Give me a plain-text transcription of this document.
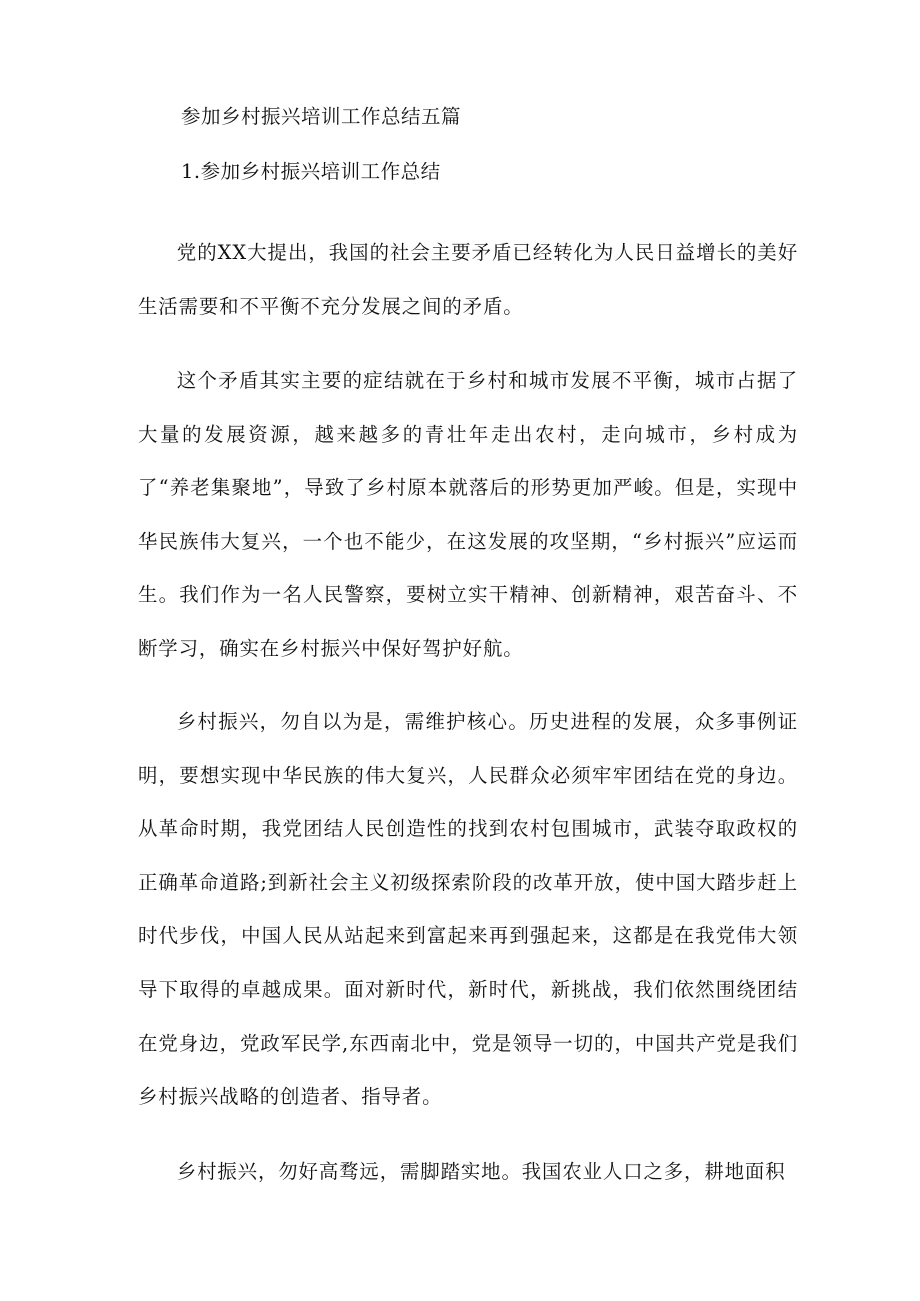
参加乡村振兴培训工作总结五篇
1.参加乡村振兴培训工作总结

党的XX大提出，我国的社会主要矛盾已经转化为人民日益增长的美好生活需要和不平衡不充分发展之间的矛盾。

这个矛盾其实主要的症结就在于乡村和城市发展不平衡，城市占据了大量的发展资源，越来越多的青壮年走出农村，走向城市，乡村成为了“养老集聚地”，导致了乡村原本就落后的形势更加严峻。但是，实现中华民族伟大复兴，一个也不能少，在这发展的攻坚期，“乡村振兴”应运而生。我们作为一名人民警察，要树立实干精神、创新精神，艰苦奋斗、不断学习，确实在乡村振兴中保好驾护好航。

乡村振兴，勿自以为是，需维护核心。历史进程的发展，众多事例证明，要想实现中华民族的伟大复兴，人民群众必须牢牢团结在党的身边。从革命时期，我党团结人民创造性的找到农村包围城市，武装夺取政权的正确革命道路;到新社会主义初级探索阶段的改革开放，使中国大踏步赶上时代步伐，中国人民从站起来到富起来再到强起来，这都是在我党伟大领导下取得的卓越成果。面对新时代，新时代，新挑战，我们依然围绕团结在党身边，党政军民学,东西南北中，党是领导一切的，中国共产党是我们乡村振兴战略的创造者、指导者。

乡村振兴，勿好高骛远，需脚踏实地。我国农业人口之多，耕地面积
